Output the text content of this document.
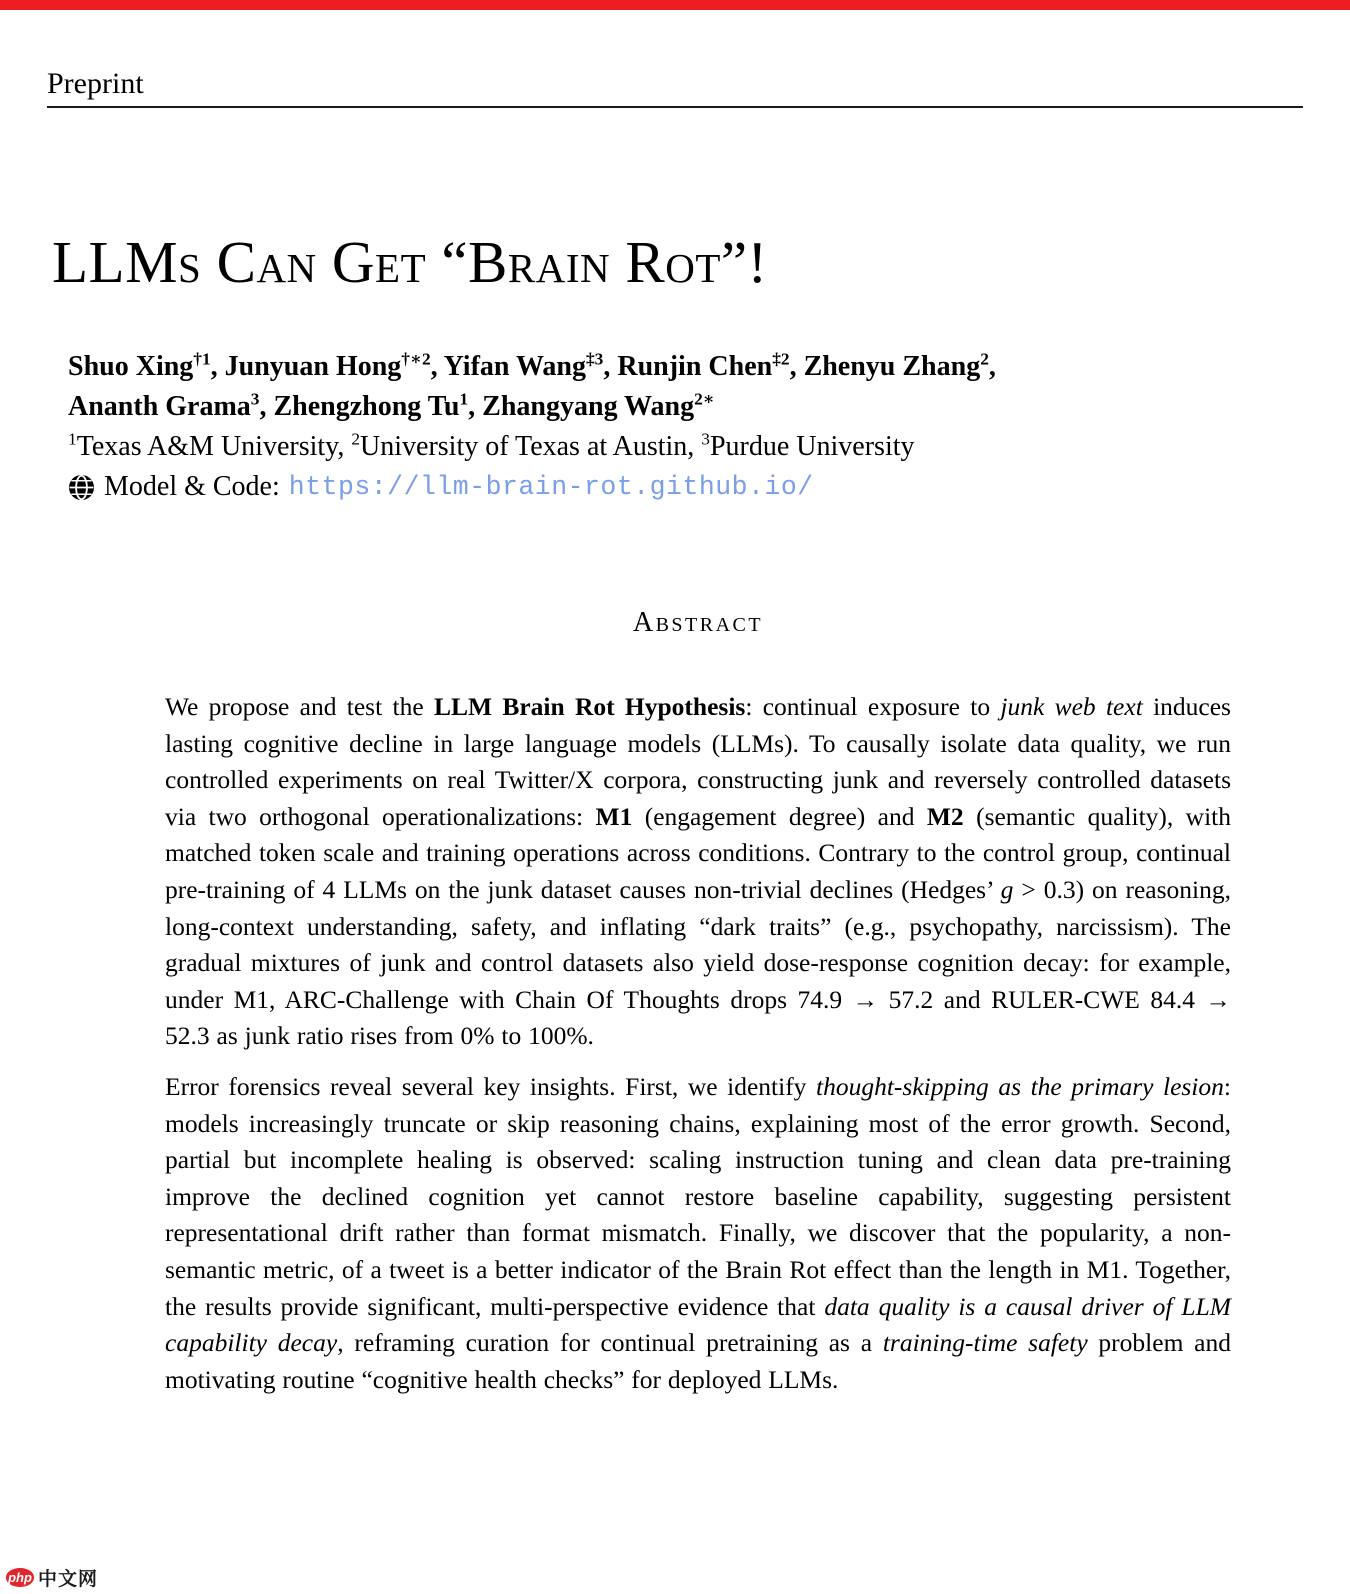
Preprint
LLMs Can Get “Brain Rot”!
Shuo Xing$^{\dagger 1}$, Junyuan Hong$^{\dagger∗2}$, Yifan Wang$^{\ddagger 3}$, Runjin Chen$^{\ddagger 2}$, Zhenyu Zhang$^2$,
Ananth Grama$^3$, Zhengzhong Tu$^1$, Zhangyang Wang$^{2∗}$
$^1$Texas A&M University, $^2$University of Texas at Austin, $^3$Purdue University
Model & Code: https://llm-brain-rot.github.io/
Abstract

We propose and test the LLM Brain Rot Hypothesis: continual exposure to junk web text induces lasting cognitive decline in large language models (LLMs). To causally isolate data quality, we run controlled experiments on real Twitter/X corpora, constructing junk and reversely controlled datasets via two orthogonal operationalizations: M1 (engagement degree) and M2 (semantic quality), with matched token scale and training operations across conditions. Contrary to the control group, continual pre-training of 4 LLMs on the junk dataset causes non-trivial declines (Hedges’ g > 0.3) on reasoning, long-context understanding, safety, and inflating “dark traits” (e.g., psychopathy, narcissism). The gradual mixtures of junk and control datasets also yield dose-response cognition decay: for example, under M1, ARC-Challenge with Chain Of Thoughts drops 74.9 → 57.2 and RULER-CWE 84.4 → 52.3 as junk ratio rises from 0% to 100%.

Error forensics reveal several key insights. First, we identify thought-skipping as the primary lesion: models increasingly truncate or skip reasoning chains, explaining most of the error growth. Second, partial but incomplete healing is observed: scaling instruction tuning and clean data pre-training improve the declined cognition yet cannot restore baseline capability, suggesting persistent representational drift rather than format mismatch. Finally, we discover that the popularity, a non-semantic metric, of a tweet is a better indicator of the Brain Rot effect than the length in M1. Together, the results provide significant, multi-perspective evidence that data quality is a causal driver of LLM capability decay, reframing curation for continual pretraining as a training-time safety problem and motivating routine “cognitive health checks” for deployed LLMs.

php 中文网
